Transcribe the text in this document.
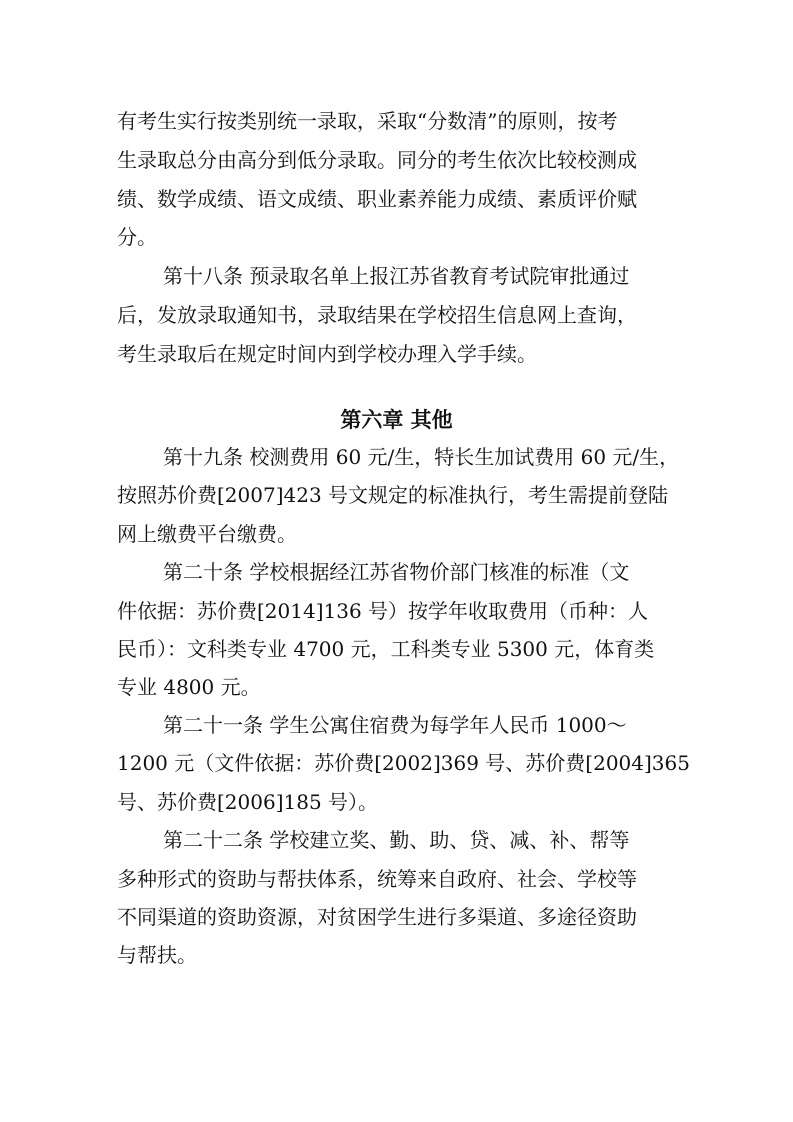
有考生实行按类别统一录取，采取“分数清”的原则，按考
生录取总分由高分到低分录取。同分的考生依次比较校测成
绩、数学成绩、语文成绩、职业素养能力成绩、素质评价赋
分。
第十八条 预录取名单上报江苏省教育考试院审批通过
后，发放录取通知书，录取结果在学校招生信息网上查询，
考生录取后在规定时间内到学校办理入学手续。
第六章 其他
第十九条 校测费用 60 元/生，特长生加试费用 60 元/生，
按照苏价费[2007]423 号文规定的标准执行，考生需提前登陆
网上缴费平台缴费。
第二十条 学校根据经江苏省物价部门核准的标准（文
件依据：苏价费[2014]136 号）按学年收取费用（币种：人
民币）：文科类专业 4700 元，工科类专业 5300 元，体育类
专业 4800 元。
第二十一条 学生公寓住宿费为每学年人民币 1000～
1200 元（文件依据：苏价费[2002]369 号、苏价费[2004]365
号、苏价费[2006]185 号）。
第二十二条 学校建立奖、勤、助、贷、减、补、帮等
多种形式的资助与帮扶体系，统筹来自政府、社会、学校等
不同渠道的资助资源，对贫困学生进行多渠道、多途径资助
与帮扶。
